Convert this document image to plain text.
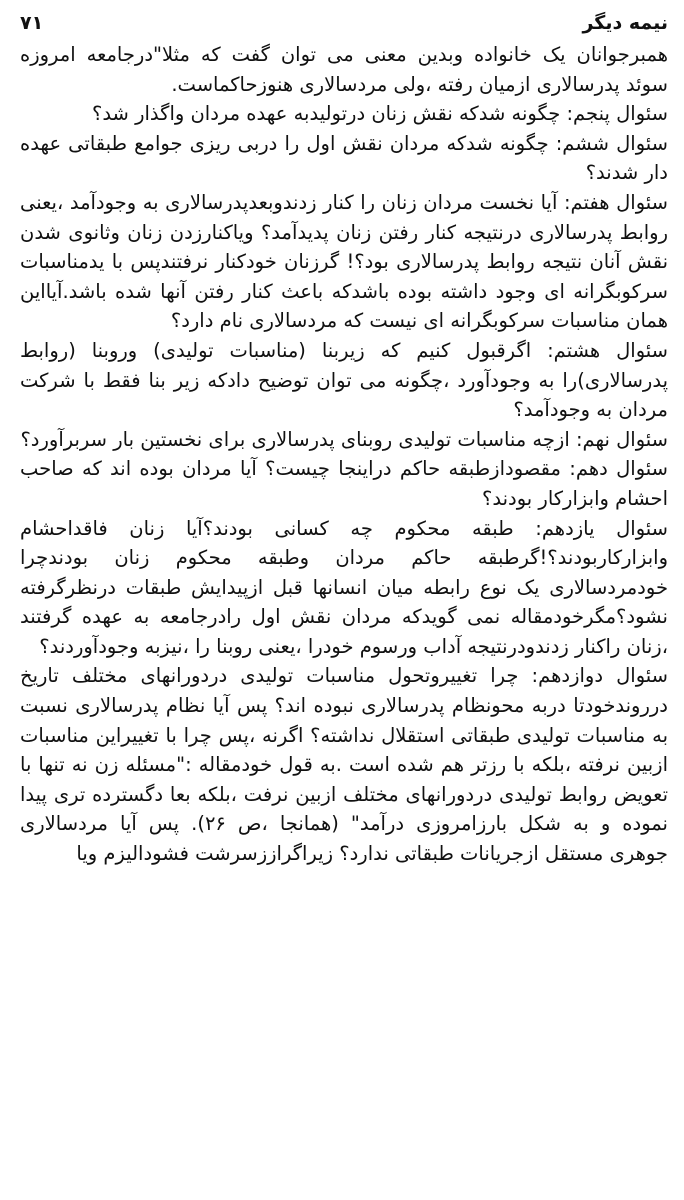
۷۱	نیمه دیگر

همبرجوانان یک خانواده وبدین معنی می توان گفت که مثلا"درجامعه امروزه سوئد پدرسالاری ازمیان رفته ،ولی مردسالاری هنوزحاکماست.

سئوال پنجم: چگونه شدکه نقش زنان درتولیدبه عهده مردان واگذار شد؟

سئوال ششم: چگونه شدکه مردان نقش اول را دربی ریزی جوامع طبقاتی عهده دار شدند؟

سئوال هفتم: آیا نخست مردان زنان را کنار زدندوبعدپدرسالاری به وجودآمد ،یعنی روابط پدرسالاری درنتیجه کنار رفتن زنان پدیدآمد؟ ویاکنارزدن زنان وثانوی شدن نقش آنان نتیجه روابط پدرسالاری بود؟! گرزنان خودکنار نرفتندپس با یدمناسبات سرکوبگرانه ای وجود داشته بوده باشدکه باعث کنار رفتن آنها شده باشد.آیااین همان مناسبات سرکوبگرانه ای نیست که مردسالاری نام دارد؟

سئوال هشتم: اگرقبول کنیم که زیربنا (مناسبات تولیدی) وروبنا (روابط پدرسالاری)را به وجودآورد ،چگونه می توان توضیح دادکه زیر بنا فقط با شرکت مردان به وجودآمد؟

سئوال نهم: ازچه مناسبات تولیدی روبنای پدرسالاری برای نخستین بار سربرآورد؟

سئوال دهم: مقصودازطبقه حاکم دراینجا چیست؟ آیا مردان بوده اند که صاحب احشام وابزارکار بودند؟

سئوال یازدهم: طبقه محکوم چه کسانی بودند؟آیا زنان فاقداحشام وابزارکاربودند؟!گرطبقه حاکم مردان وطبقه محکوم زنان بودندچرا خودمردسالاری یک نوع رابطه میان انسانها قبل ازپیدایش طبقات درنظرگرفته نشود؟مگرخودمقاله نمی گویدکه مردان نقش اول رادرجامعه به عهده گرفتند ،زنان راکنار زدندودرنتیجه آداب ورسوم خودرا ،یعنی روبنا را ،نیزبه وجودآوردند؟

سئوال دوازدهم: چرا تغییروتحول مناسبات تولیدی دردورانهای مختلف تاریخ درروندخودتا دربه محونظام پدرسالاری نبوده اند؟ پس آیا نظام پدرسالاری نسبت به مناسبات تولیدی طبقاتی استقلال نداشته؟ اگرنه ،پس چرا با تغییراین مناسبات ازبین نرفته ،بلکه با رزتر هم شده است .به قول خودمقاله :"مسئله زن نه تنها با تعویض روابط تولیدی دردورانهای مختلف ازبین نرفت ،بلکه بعا دگسترده تری پیدا نموده و به شکل بارزامروزی درآمد" (همانجا ،ص ۲۶). پس آیا مردسالاری جوهری مستقل ازجریانات طبقاتی ندارد؟ زیراگراززسرشت فشودالیزم ویا
